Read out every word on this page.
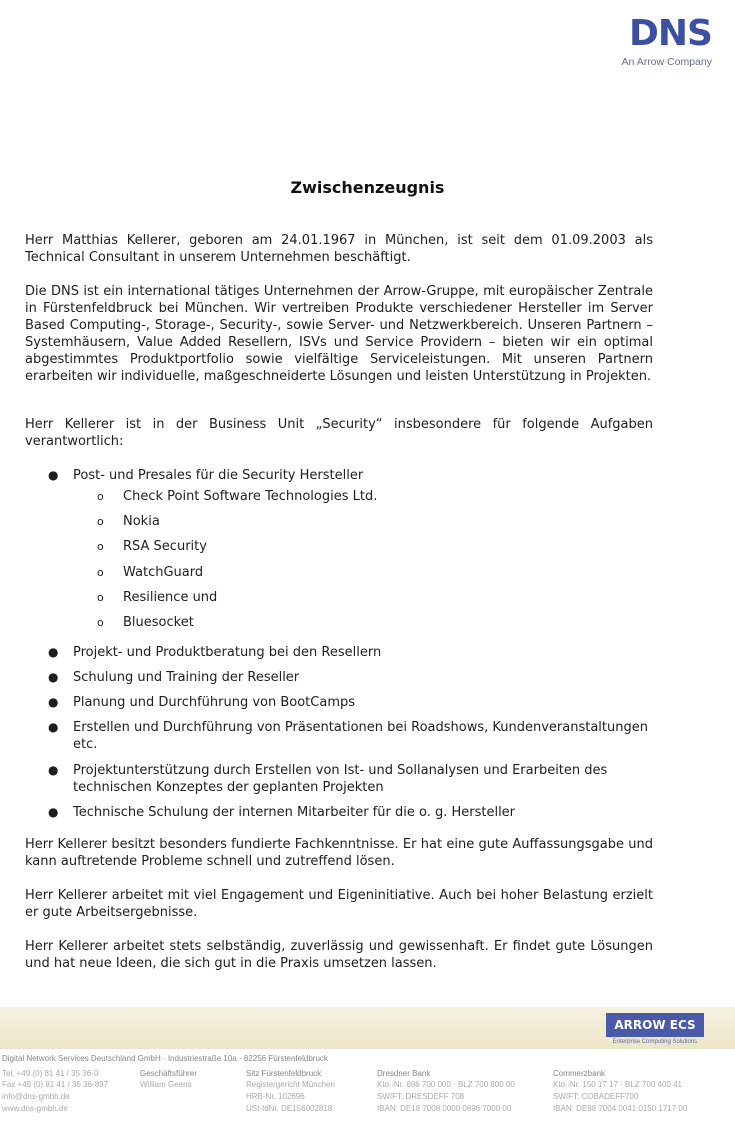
DNS
An Arrow Company
Zwischenzeugnis

Herr Matthias Kellerer, geboren am 24.01.1967 in München, ist seit dem 01.09.2003 als Technical Consultant in unserem Unternehmen beschäftigt.

Die DNS ist ein international tätiges Unternehmen der Arrow-Gruppe, mit europäischer Zentrale in Fürstenfeldbruck bei München. Wir vertreiben Produkte verschiedener Hersteller im Server Based Computing-, Storage-, Security-, sowie Server- und Netzwerkbereich. Unseren Partnern – Systemhäusern, Value Added Resellern, ISVs und Service Providern – bieten wir ein optimal abgestimmtes Produktportfolio sowie vielfältige Serviceleistungen. Mit unseren Partnern erarbeiten wir individuelle, maßgeschneiderte Lösungen und leisten Unterstützung in Projekten.

Herr Kellerer ist in der Business Unit „Security“ insbesondere für folgende Aufgaben verantwortlich:

● Post- und Presales für die Security Hersteller
o Check Point Software Technologies Ltd.
o Nokia
o RSA Security
o WatchGuard
o Resilience und
o Bluesocket
● Projekt- und Produktberatung bei den Resellern
● Schulung und Training der Reseller
● Planung und Durchführung von BootCamps
● Erstellen und Durchführung von Präsentationen bei Roadshows, Kundenveranstaltungen etc.
● Projektunterstützung durch Erstellen von Ist- und Sollanalysen und Erarbeiten des technischen Konzeptes der geplanten Projekten
● Technische Schulung der internen Mitarbeiter für die o. g. Hersteller

Herr Kellerer besitzt besonders fundierte Fachkenntnisse. Er hat eine gute Auffassungsgabe und kann auftretende Probleme schnell und zutreffend lösen.

Herr Kellerer arbeitet mit viel Engagement und Eigeninitiative. Auch bei hoher Belastung erzielt er gute Arbeitsergebnisse.

Herr Kellerer arbeitet stets selbständig, zuverlässig und gewissenhaft. Er findet gute Lösungen und hat neue Ideen, die sich gut in die Praxis umsetzen lassen.

ARROW ECS
Enterprise Computing Solutions
Digital Network Services Deutschland GmbH · Industriestraße 10a · 82256 Fürstenfeldbruck
Tel. +49 (0) 81 41 / 35 36-0
Fax +49 (0) 81 41 / 35 36-897
info@dns-gmbh.de
www.dns-gmbh.de
Geschäftsführer
William Geens
Sitz Fürstenfeldbruck
Registergericht München
HRB-Nr. 102696
USt-IdNr. DE156002818
Dresdner Bank
Kto.-Nr. 696 700 000 · BLZ 700 800 00
SWIFT: DRESDEFF 708
IBAN: DE18 7008 0000 0696 7000 00
Commerzbank
Kto.-Nr. 150 17 17 · BLZ 700 400 41
SWIFT: COBADEFF700
IBAN: DE98 7004 0041 0150 1717 00
